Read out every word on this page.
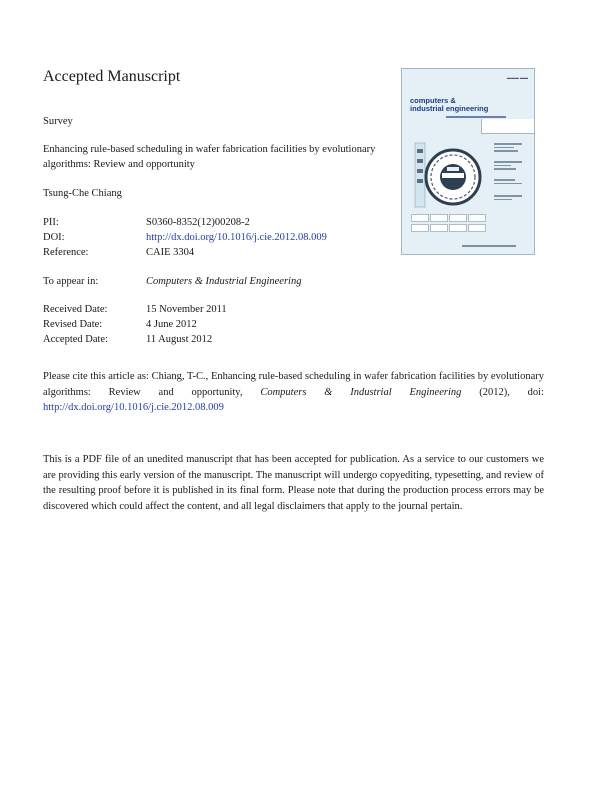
Accepted Manuscript
Survey
Enhancing rule-based scheduling in wafer fabrication facilities by evolutionary algorithms: Review and opportunity
Tsung-Che Chiang
PII:	S0360-8352(12)00208-2
DOI:	http://dx.doi.org/10.1016/j.cie.2012.08.009
Reference:	CAIE 3304
To appear in:	Computers & Industrial Engineering
Received Date:	15 November 2011
Revised Date:	4 June 2012
Accepted Date:	11 August 2012
Please cite this article as: Chiang, T-C., Enhancing rule-based scheduling in wafer fabrication facilities by evolutionary algorithms: Review and opportunity, Computers & Industrial Engineering (2012), doi: http://dx.doi.org/10.1016/j.cie.2012.08.009
This is a PDF file of an unedited manuscript that has been accepted for publication. As a service to our customers we are providing this early version of the manuscript. The manuscript will undergo copyediting, typesetting, and review of the resulting proof before it is published in its final form. Please note that during the production process errors may be discovered which could affect the content, and all legal disclaimers that apply to the journal pertain.
▬▬▬ ▬▬
computers &
industrial engineering
